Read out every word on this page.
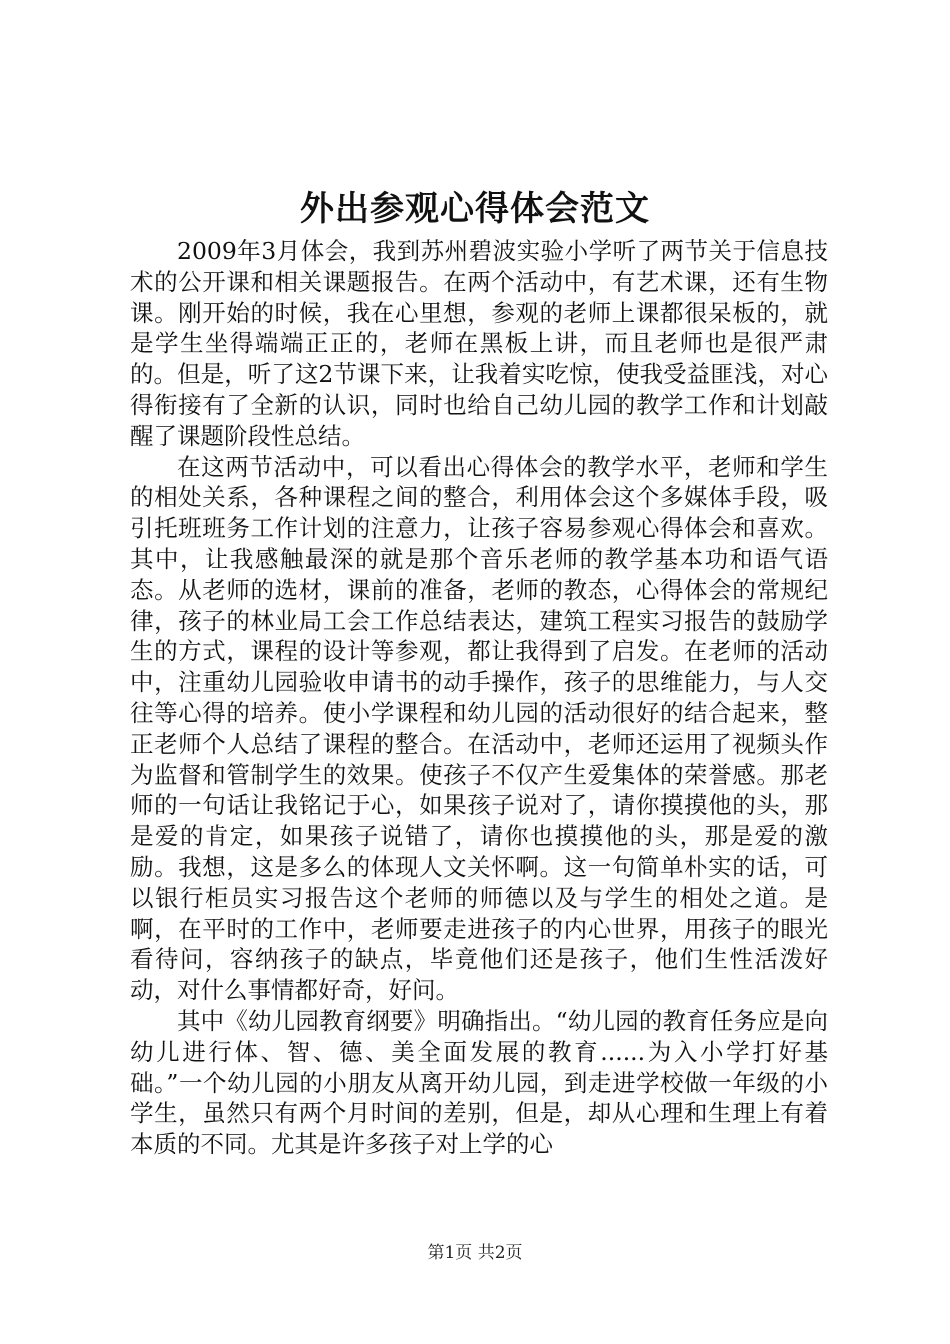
外出参观心得体会范文

2009年3月体会，我到苏州碧波实验小学听了两节关于信息技术的公开课和相关课题报告。在两个活动中，有艺术课，还有生物课。刚开始的时候，我在心里想，参观的老师上课都很呆板的，就是学生坐得端端正正的，老师在黑板上讲，而且老师也是很严肃的。但是，听了这2节课下来，让我着实吃惊，使我受益匪浅，对心得衔接有了全新的认识，同时也给自己幼儿园的教学工作和计划敲醒了课题阶段性总结。

在这两节活动中，可以看出心得体会的教学水平，老师和学生的相处关系，各种课程之间的整合，利用体会这个多媒体手段，吸引托班班务工作计划的注意力，让孩子容易参观心得体会和喜欢。其中，让我感触最深的就是那个音乐老师的教学基本功和语气语态。从老师的选材，课前的准备，老师的教态，心得体会的常规纪律，孩子的林业局工会工作总结表达，建筑工程实习报告的鼓励学生的方式，课程的设计等参观，都让我得到了启发。在老师的活动中，注重幼儿园验收申请书的动手操作，孩子的思维能力，与人交往等心得的培养。使小学课程和幼儿园的活动很好的结合起来，整正老师个人总结了课程的整合。在活动中，老师还运用了视频头作为监督和管制学生的效果。使孩子不仅产生爱集体的荣誉感。那老师的一句话让我铭记于心，如果孩子说对了，请你摸摸他的头，那是爱的肯定，如果孩子说错了，请你也摸摸他的头，那是爱的激励。我想，这是多么的体现人文关怀啊。这一句简单朴实的话，可以银行柜员实习报告这个老师的师德以及与学生的相处之道。是啊，在平时的工作中，老师要走进孩子的内心世界，用孩子的眼光看待问，容纳孩子的缺点，毕竟他们还是孩子，他们生性活泼好动，对什么事情都好奇，好问。

其中《幼儿园教育纲要》明确指出。“幼儿园的教育任务应是向幼儿进行体、智、德、美全面发展的教育......为入小学打好基础。”一个幼儿园的小朋友从离开幼儿园，到走进学校做一年级的小学生，虽然只有两个月时间的差别，但是，却从心理和生理上有着本质的不同。尤其是许多孩子对上学的心

第1页 共2页
